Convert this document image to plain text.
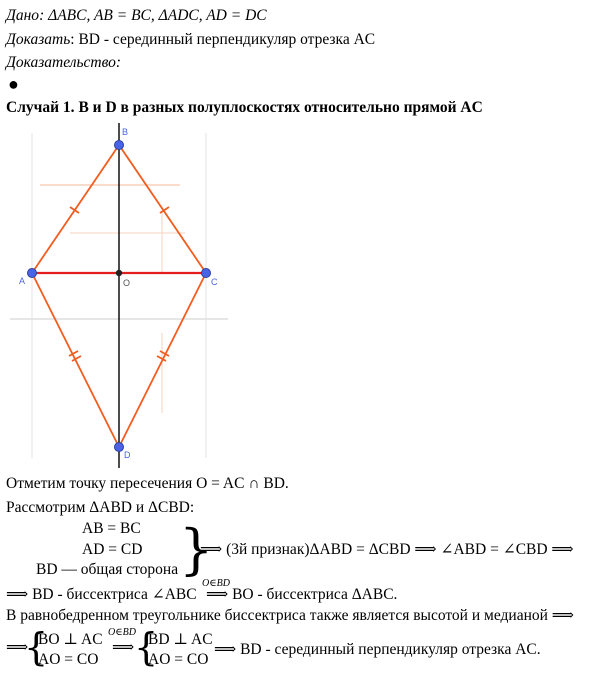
Дано: ΔABC, AB = BC, ΔADC, AD = DC
Доказать: BD - серединный перпендикуляр отрезка AC
Доказательство:
●
Случай 1. B и D в разных полуплоскостях относительно прямой AC
B
A	C
O
D
Отметим точку пересечения O = AC ∩ BD.
Рассмотрим ΔABD и ΔCBD:
AB = BC
AD = CD
BD — общая сторона }
⟹ (3й признак)ΔABD = ΔCBD ⟹ ∠ABD = ∠CBD ⟹
⟹ BD - биссектриса ∠ABC
O∈BD
⟹ BO - биссектриса ΔABC.
В равнобедренном треугольнике биссектриса также является высотой и медианой ⟹
⟹
{
BO ⊥ AC
AO = CO
O∈BD
⟹ {
BD ⊥ AC
AO = CO
⟹ BD - серединный перпендикуляр отрезка AC.
